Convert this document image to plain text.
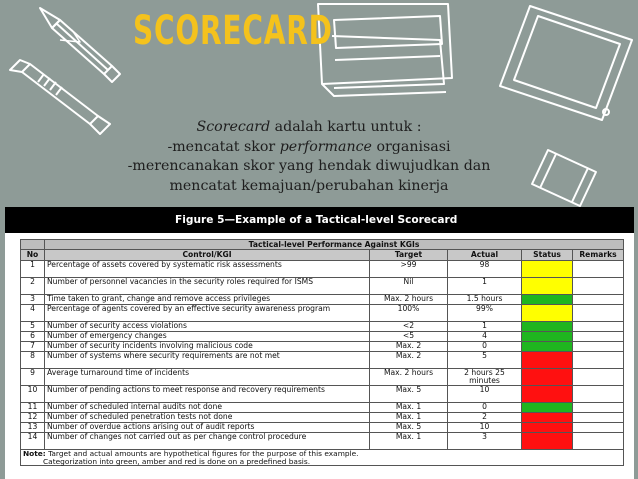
SCORECARD
Scorecard adalah kartu untuk :
-mencatat skor performance organisasi
-merencanakan skor yang hendak diwujudkan dan
mencatat kemajuan/perubahan kinerja
Figure 5—Example of a Tactical-level Scorecard
	Tactical-level Performance Against KGIs				
No	Control/KGI	Target	Actual	Status	Remarks
1	Percentage of assets covered by systematic risk assessments	>99	98		
2	Number of personnel vacancies in the security roles required for ISMS	Nil	1		
3	Time taken to grant, change and remove access privileges	Max. 2 hours	1.5 hours		
4	Percentage of agents covered by an effective security awareness program	100%	99%		
5	Number of security access violations	<2	1		
6	Number of emergency changes	<5	4		
7	Number of security incidents involving malicious code	Max. 2	0		
8	Number of systems where security requirements are not met	Max. 2	5		
9	Average turnaround time of incidents	Max. 2 hours	2 hours 25 minutes		
10	Number of pending actions to meet response and recovery requirements	Max. 5	10		
11	Number of scheduled internal audits not done	Max. 1	0		
12	Number of scheduled penetration tests not done	Max. 1	2		
13	Number of overdue actions arising out of audit reports	Max. 5	10		
14	Number of changes not carried out as per change control procedure	Max. 1	3		
Note: Target and actual amounts are hypothetical figures for the purpose of this example.
Categorization into green, amber and red is done on a predefined basis.					
